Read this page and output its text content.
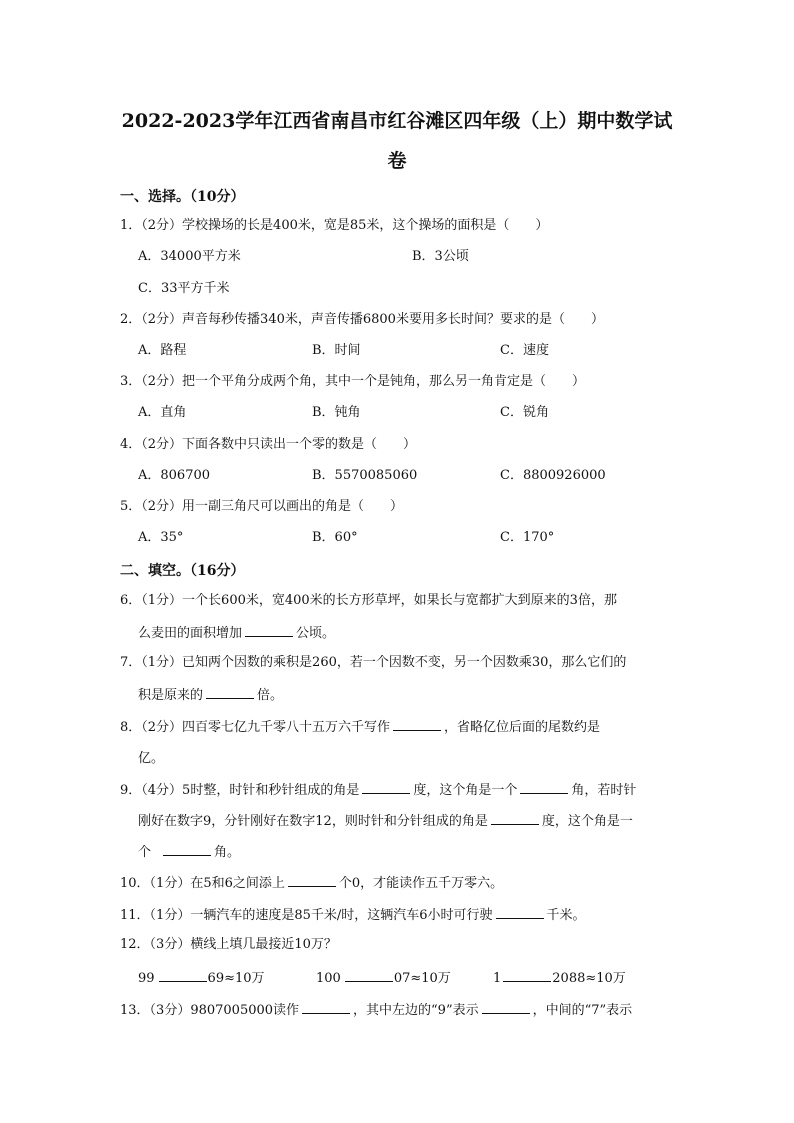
2022-2023学年江西省南昌市红谷滩区四年级（上）期中数学试
卷
一、选择。（10分）
1．（2分）学校操场的长是400米，宽是85米，这个操场的面积是（　　）
A．34000平方米	B．3公顷
C．33平方千米
2．（2分）声音每秒传播340米，声音传播6800米要用多长时间？要求的是（　　）
A．路程	B．时间	C．速度
3．（2分）把一个平角分成两个角，其中一个是钝角，那么另一角肯定是（　　）
A．直角	B．钝角	C．锐角
4．（2分）下面各数中只读出一个零的数是（　　）
A．806700	B．5570085060	C．8800926000
5．（2分）用一副三角尺可以画出的角是（　　）
A．35°	B．60°	C．170°
二、填空。（16分）
6．（1分）一个长600米，宽400米的长方形草坪，如果长与宽都扩大到原来的3倍，那
么麦田的面积增加	公顷。
7．（1分）已知两个因数的乘积是260，若一个因数不变，另一个因数乘30，那么它们的
积是原来的	倍。
8．（2分）四百零七亿九千零八十五万六千写作	，省略亿位后面的尾数约是
亿。
9．（4分）5时整，时针和秒针组成的角是	度，这个角是一个	角，若时针
刚好在数字9，分针刚好在数字12，则时针和分针组成的角是	度，这个角是一
个	角。
10．（1分）在5和6之间添上	个0，才能读作五千万零六。
11．（1分）一辆汽车的速度是85千米/时，这辆汽车6小时可行驶	千米。
12．（3分）横线上填几最接近10万？
99	69≈10万	100	07≈10万	1	2088≈10万
13．（3分）9807005000读作	，其中左边的“9”表示	，中间的“7”表示
